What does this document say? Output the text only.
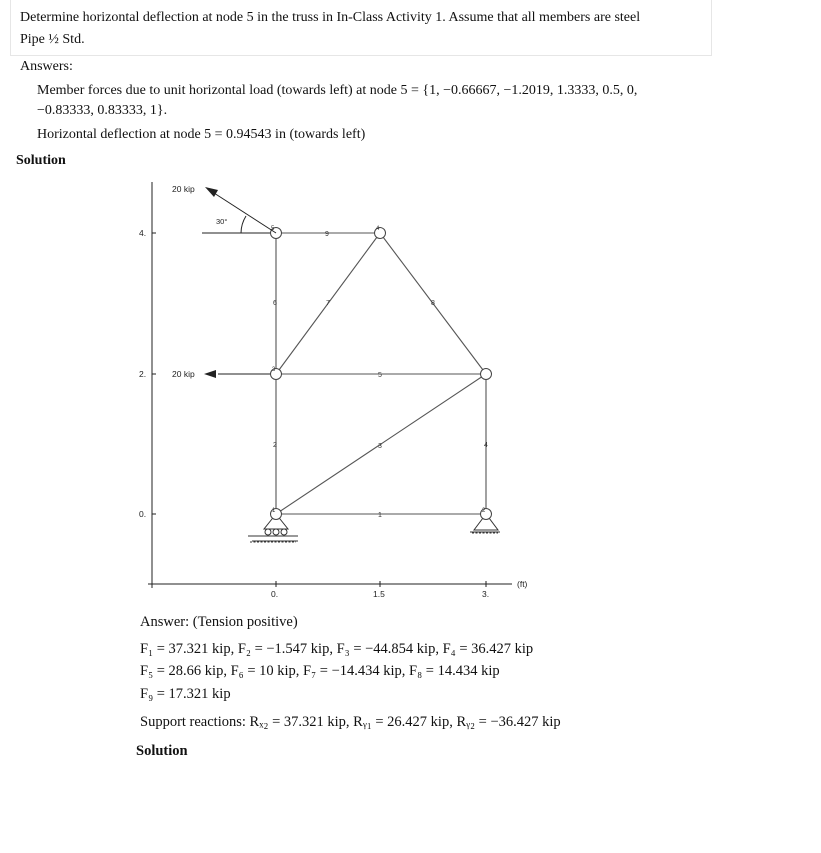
Determine horizontal deflection at node 5 in the truss in In-Class Activity 1. Assume that all members are steel
Pipe ½ Std.
Answers:
Member forces due to unit horizontal load (towards left) at node 5 = {1, −0.66667, −1.2019, 1.3333, 0.5, 0,
−0.83333, 0.83333, 1}.
Horizontal deflection at node 5 = 0.94543 in (towards left)
Solution
4.
2.
0.
0.	1.5	3.
(ft)
1
2	3	4
5
6	7	8
9
1	2
3
4
5
20 kip
20 kip
30°
Answer: (Tension positive)
F₁ = 37.321 kip, F₂ = −1.547 kip, F₃ = −44.854 kip, F₄ = 36.427 kip
F₅ = 28.66 kip, F₆ = 10 kip, F₇ = −14.434 kip, F₈ = 14.434 kip
F₉ = 17.321 kip
Support reactions: Rₓ₂ = 37.321 kip, Rᵧ₁ = 26.427 kip, Rᵧ₂ = −36.427 kip
Solution
